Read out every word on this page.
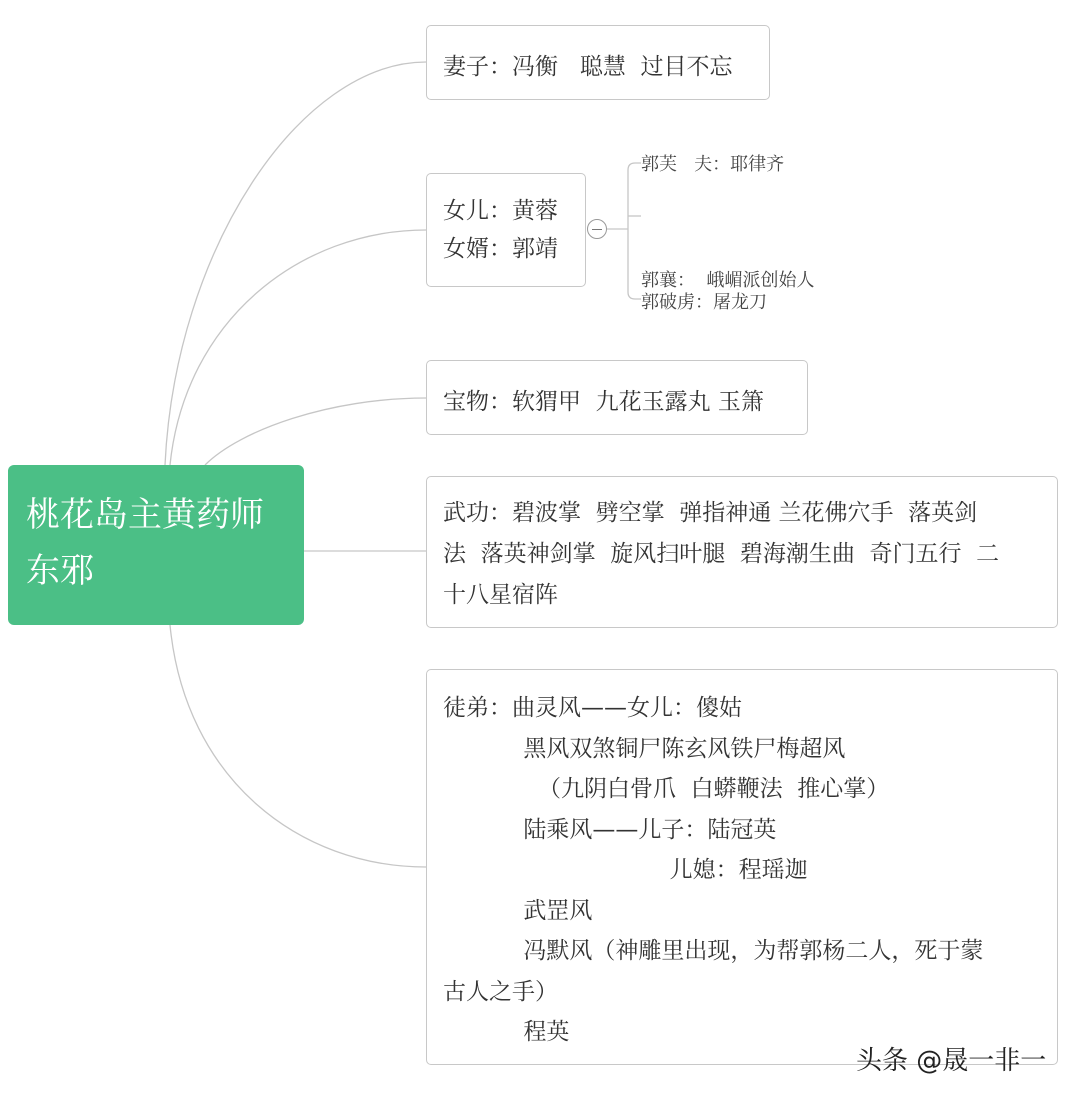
桃花岛主黄药师
东邪
妻子：冯衡   聪慧  过目不忘
女儿：黄蓉
女婿：郭靖
郭芙   夫：耶律齐

郭襄：  峨嵋派创始人

郭破虏：屠龙刀
宝物：软猬甲  九花玉露丸 玉箫
武功：碧波掌  劈空掌  弹指神通 兰花佛穴手  落英剑
法  落英神剑掌  旋风扫叶腿  碧海潮生曲  奇门五行  二
十八星宿阵
徒弟：曲灵风——女儿：傻姑
黑风双煞铜尸陈玄风铁尸梅超风
（九阴白骨爪  白蟒鞭法  推心掌）
陆乘风——儿子：陆冠英
儿媳：程瑶迦
武罡风
冯默风（神雕里出现，为帮郭杨二人，死于蒙
古人之手）
程英
头条 @晟一非一
